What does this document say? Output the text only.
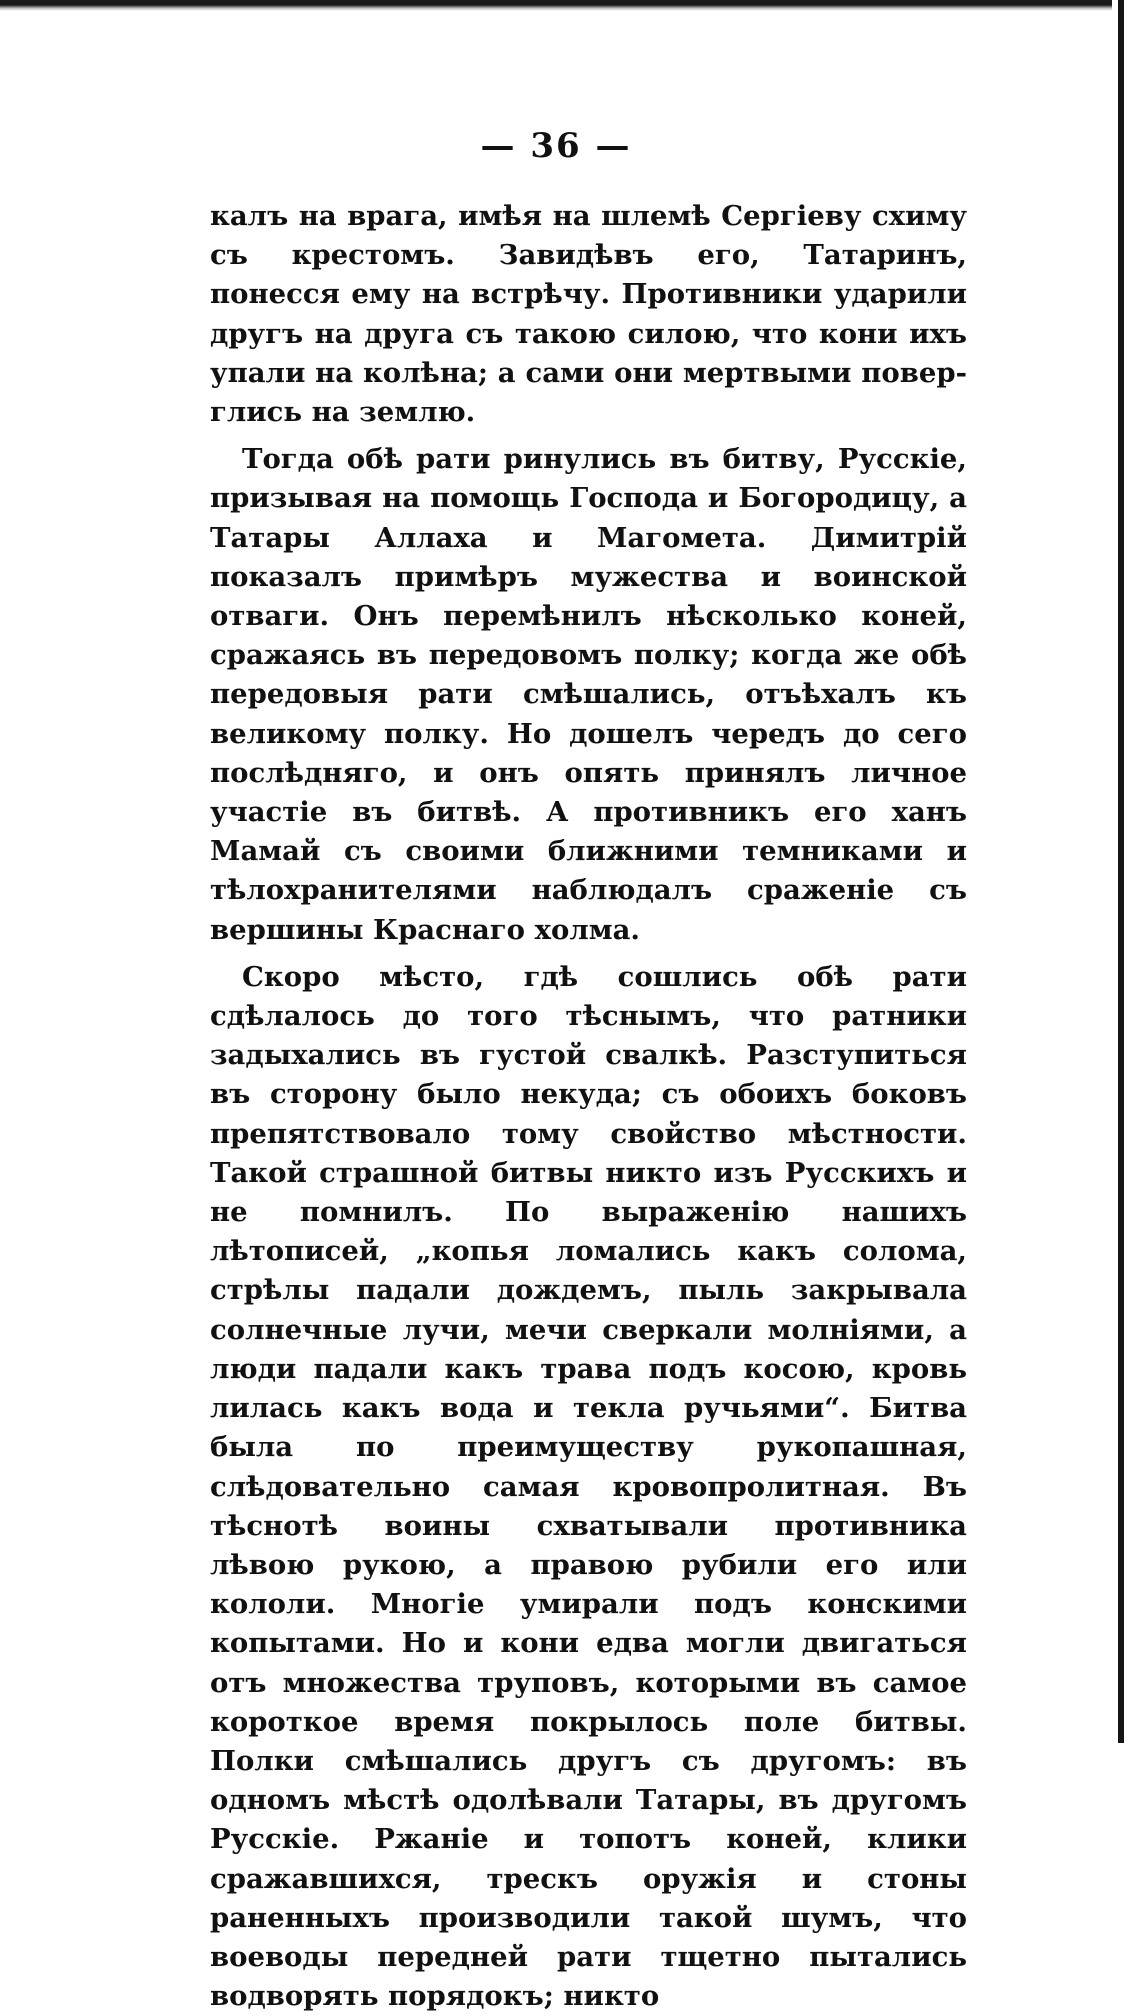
— 36 —

калъ на врага, имѣя на шлемѣ Сергіеву схиму съ крестомъ. Завидѣвъ его, Татаринъ, понесся ему на встрѣчу. Противники ударили другъ на друга съ такою силою, что кони ихъ упали на колѣна; а сами они мертвыми поверглись на землю.

Тогда обѣ рати ринулись въ битву, Русскіе, призывая на помощь Господа и Богородицу, а Татары Аллаха и Магомета. Димитрій показалъ примѣръ мужества и воинской отваги. Онъ перемѣнилъ нѣсколько коней, сражаясь въ передовомъ полку; когда же обѣ передовыя рати смѣшались, отъѣхалъ къ великому полку. Но дошелъ чередъ до сего послѣдняго, и онъ опять принялъ личное участіе въ битвѣ. А противникъ его ханъ Мамай съ своими ближними темниками и тѣлохранителями наблюдалъ сраженіе съ вершины Краснаго холма.

Скоро мѣсто, гдѣ сошлись обѣ рати сдѣлалось до того тѣснымъ, что ратники задыхались въ густой свалкѣ. Разступиться въ сторону было некуда; съ обоихъ боковъ препятствовало тому свойство мѣстности. Такой страшной битвы никто изъ Русскихъ и не помнилъ. По выраженію нашихъ лѣтописей, „копья ломались какъ солома, стрѣлы падали дождемъ, пыль закрывала солнечные лучи, мечи сверкали молніями, а люди падали какъ трава подъ косою, кровь лилась какъ вода и текла ручьями“. Битва была по преимуществу рукопашная, слѣдовательно самая кровопролитная. Въ тѣснотѣ воины схватывали противника лѣвою рукою, а правою рубили его или кололи. Многіе умирали подъ конскими копытами. Но и кони едва могли двигаться отъ множества труповъ, которыми въ самое короткое время покрылось поле битвы. Полки смѣшались другъ съ другомъ: въ одномъ мѣстѣ одолѣвали Татары, въ другомъ Русскіе. Ржаніе и топотъ коней, клики сражавшихся, трескъ оружія и стоны раненныхъ производили такой шумъ, что воеводы передней рати тщетно пытались водворять порядокъ; никто
